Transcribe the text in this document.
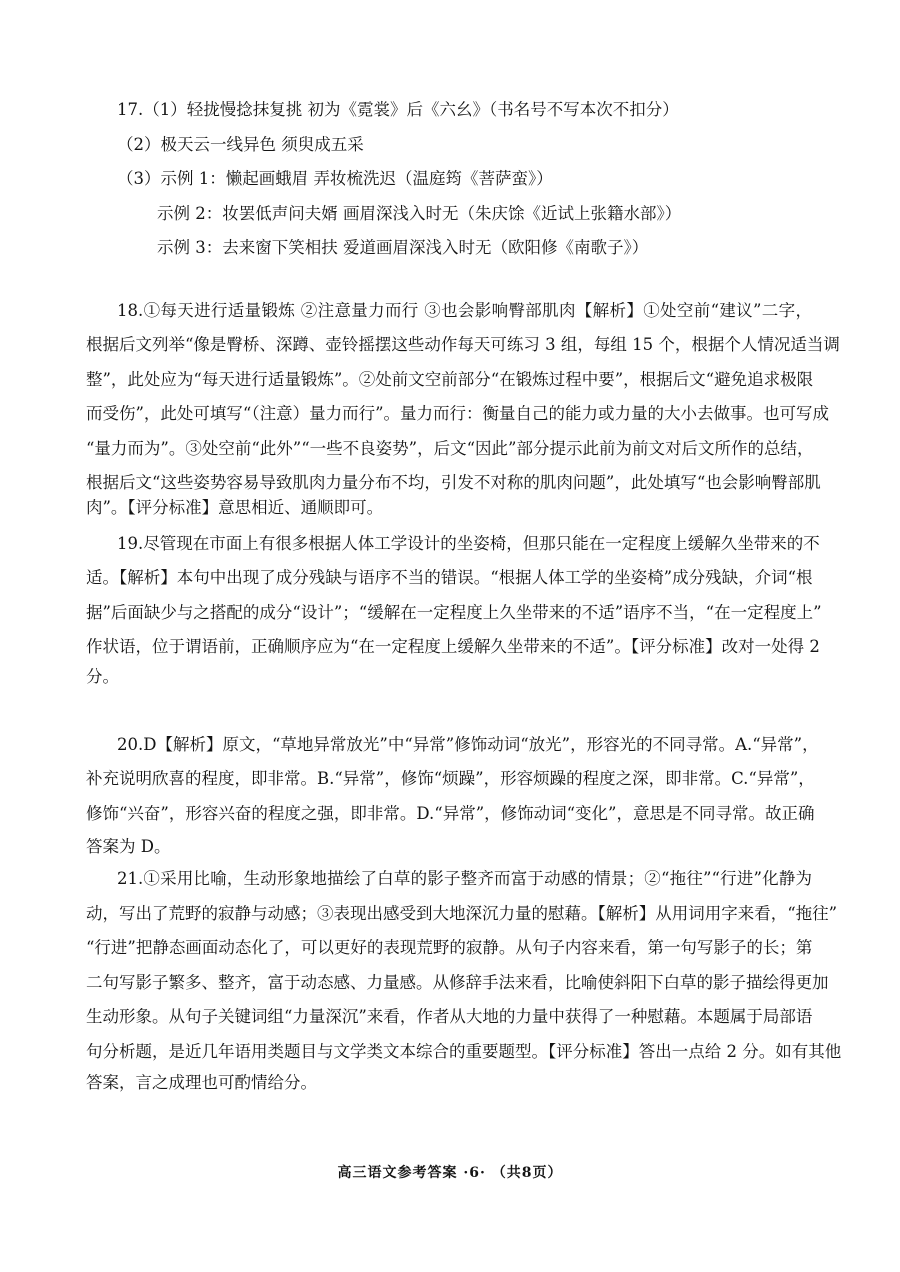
17.（1）轻拢慢捻抹复挑 初为《霓裳》后《六幺》（书名号不写本次不扣分）
（2）极天云一线异色 须臾成五采
（3）示例 1：懒起画蛾眉 弄妆梳洗迟（温庭筠《菩萨蛮》）
示例 2：妆罢低声问夫婿 画眉深浅入时无（朱庆馀《近试上张籍水部》）
示例 3：去来窗下笑相扶 爱道画眉深浅入时无（欧阳修《南歌子》）
18.①每天进行适量锻炼 ②注意量力而行 ③也会影响臀部肌肉【解析】①处空前“建议”二字，
根据后文列举“像是臀桥、深蹲、壶铃摇摆这些动作每天可练习 3 组，每组 15 个，根据个人情况适当调
整”，此处应为“每天进行适量锻炼”。②处前文空前部分“在锻炼过程中要”，根据后文“避免追求极限
而受伤”，此处可填写“（注意）量力而行”。量力而行：衡量自己的能力或力量的大小去做事。也可写成
“量力而为”。③处空前“此外”“一些不良姿势”，后文“因此”部分提示此前为前文对后文所作的总结，
根据后文“这些姿势容易导致肌肉力量分布不均，引发不对称的肌肉问题”，此处填写“也会影响臀部肌
肉”。【评分标准】意思相近、通顺即可。
19.尽管现在市面上有很多根据人体工学设计的坐姿椅，但那只能在一定程度上缓解久坐带来的不
适。【解析】本句中出现了成分残缺与语序不当的错误。“根据人体工学的坐姿椅”成分残缺，介词“根
据”后面缺少与之搭配的成分“设计”；“缓解在一定程度上久坐带来的不适”语序不当，“在一定程度上”
作状语，位于谓语前，正确顺序应为“在一定程度上缓解久坐带来的不适”。【评分标准】改对一处得 2
分。
20.D【解析】原文，“草地异常放光”中“异常”修饰动词“放光”，形容光的不同寻常。A.“异常”，
补充说明欣喜的程度，即非常。B.“异常”，修饰“烦躁”，形容烦躁的程度之深，即非常。C.“异常”，
修饰“兴奋”，形容兴奋的程度之强，即非常。D.“异常”，修饰动词“变化”，意思是不同寻常。故正确
答案为 D。
21.①采用比喻，生动形象地描绘了白草的影子整齐而富于动感的情景；②“拖往”“行进”化静为
动，写出了荒野的寂静与动感；③表现出感受到大地深沉力量的慰藉。【解析】从用词用字来看，“拖往”
“行进”把静态画面动态化了，可以更好的表现荒野的寂静。从句子内容来看，第一句写影子的长；第
二句写影子繁多、整齐，富于动态感、力量感。从修辞手法来看，比喻使斜阳下白草的影子描绘得更加
生动形象。从句子关键词组“力量深沉”来看，作者从大地的力量中获得了一种慰藉。本题属于局部语
句分析题，是近几年语用类题目与文学类文本综合的重要题型。【评分标准】答出一点给 2 分。如有其他
答案，言之成理也可酌情给分。
高三语文参考答案 ·6· （共8页）
